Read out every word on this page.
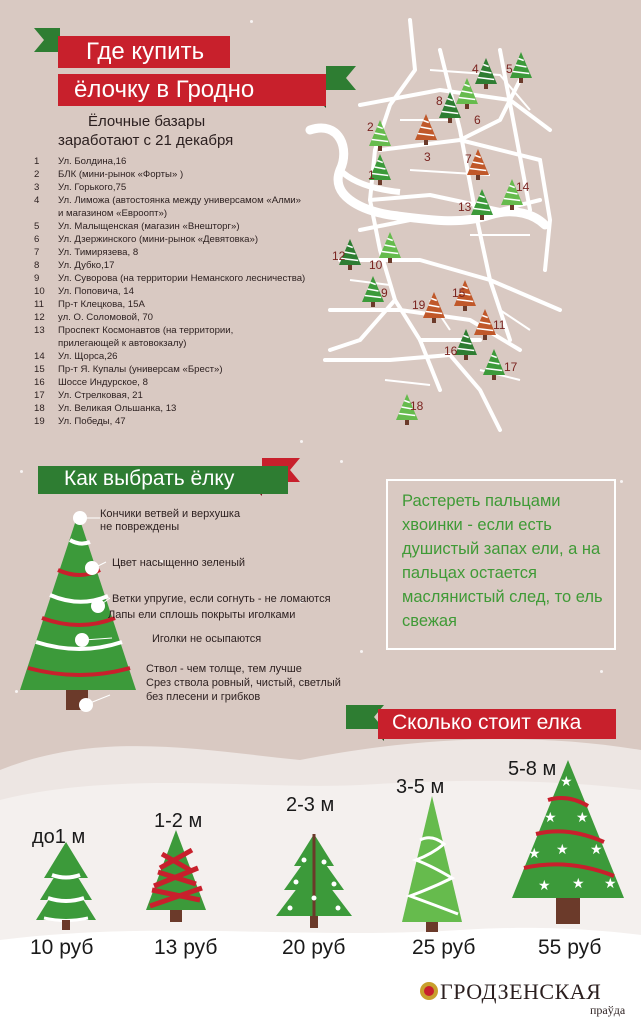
Где купить
ёлочку в Гродно
Ёлочные базары
заработают с 21 декабря
1	Ул. Болдина,16
2	БЛК (мини-рынок «Форты» )
3	Ул. Горького,75
4	Ул. Лиможа (автостоянка между универсамом «Алми»
и магазином «Евроопт»)
5	Ул. Малыщенская (магазин «Внешторг»)
6	Ул. Дзержинского (мини-рынок «Девятовка»)
7	Ул. Тимирязева, 8
8	Ул. Дубко,17
9	Ул. Суворова (на территории Неманского лесничества)
10	Ул. Поповича, 14
11	Пр-т Клецкова, 15А
12	ул. О. Соломовой, 70
13	Проспект Космонавтов (на территории,
прилегающей к автовокзалу)
14	Ул. Щорса,26
15	Пр-т Я. Купалы (универсам «Брест»)
16	Шоссе Индурское, 8
17	Ул. Стрелковая, 21
18	Ул. Великая Ольшанка, 13
19	Ул. Победы, 47
1
2
3
4 5
6
7
8
9
10
11
12
13
14
15
16
17
18
19
Как выбрать ёлку
Кончики ветвей и верхушка
не повреждены
Цвет насыщенно зеленый
Ветки упругие, если согнуть - не ломаются
Лапы ели сплошь покрыты иголками
Иголки не осыпаются
Ствол - чем толще, тем лучше
Срез ствола ровный, чистый, светлый
без плесени и грибков
Растереть пальцами хвоинки - если есть душистый запах ели, а на пальцах остается маслянистый след, то ель свежая
Сколько стоит елка
★
★
★
★
★
★
★
★	★
до1 м
1-2 м
2-3 м
3-5 м
5-8 м
10 руб	13 руб	20 руб	25 руб	55 руб
ГРОДЗЕНСКАЯ
праўда
